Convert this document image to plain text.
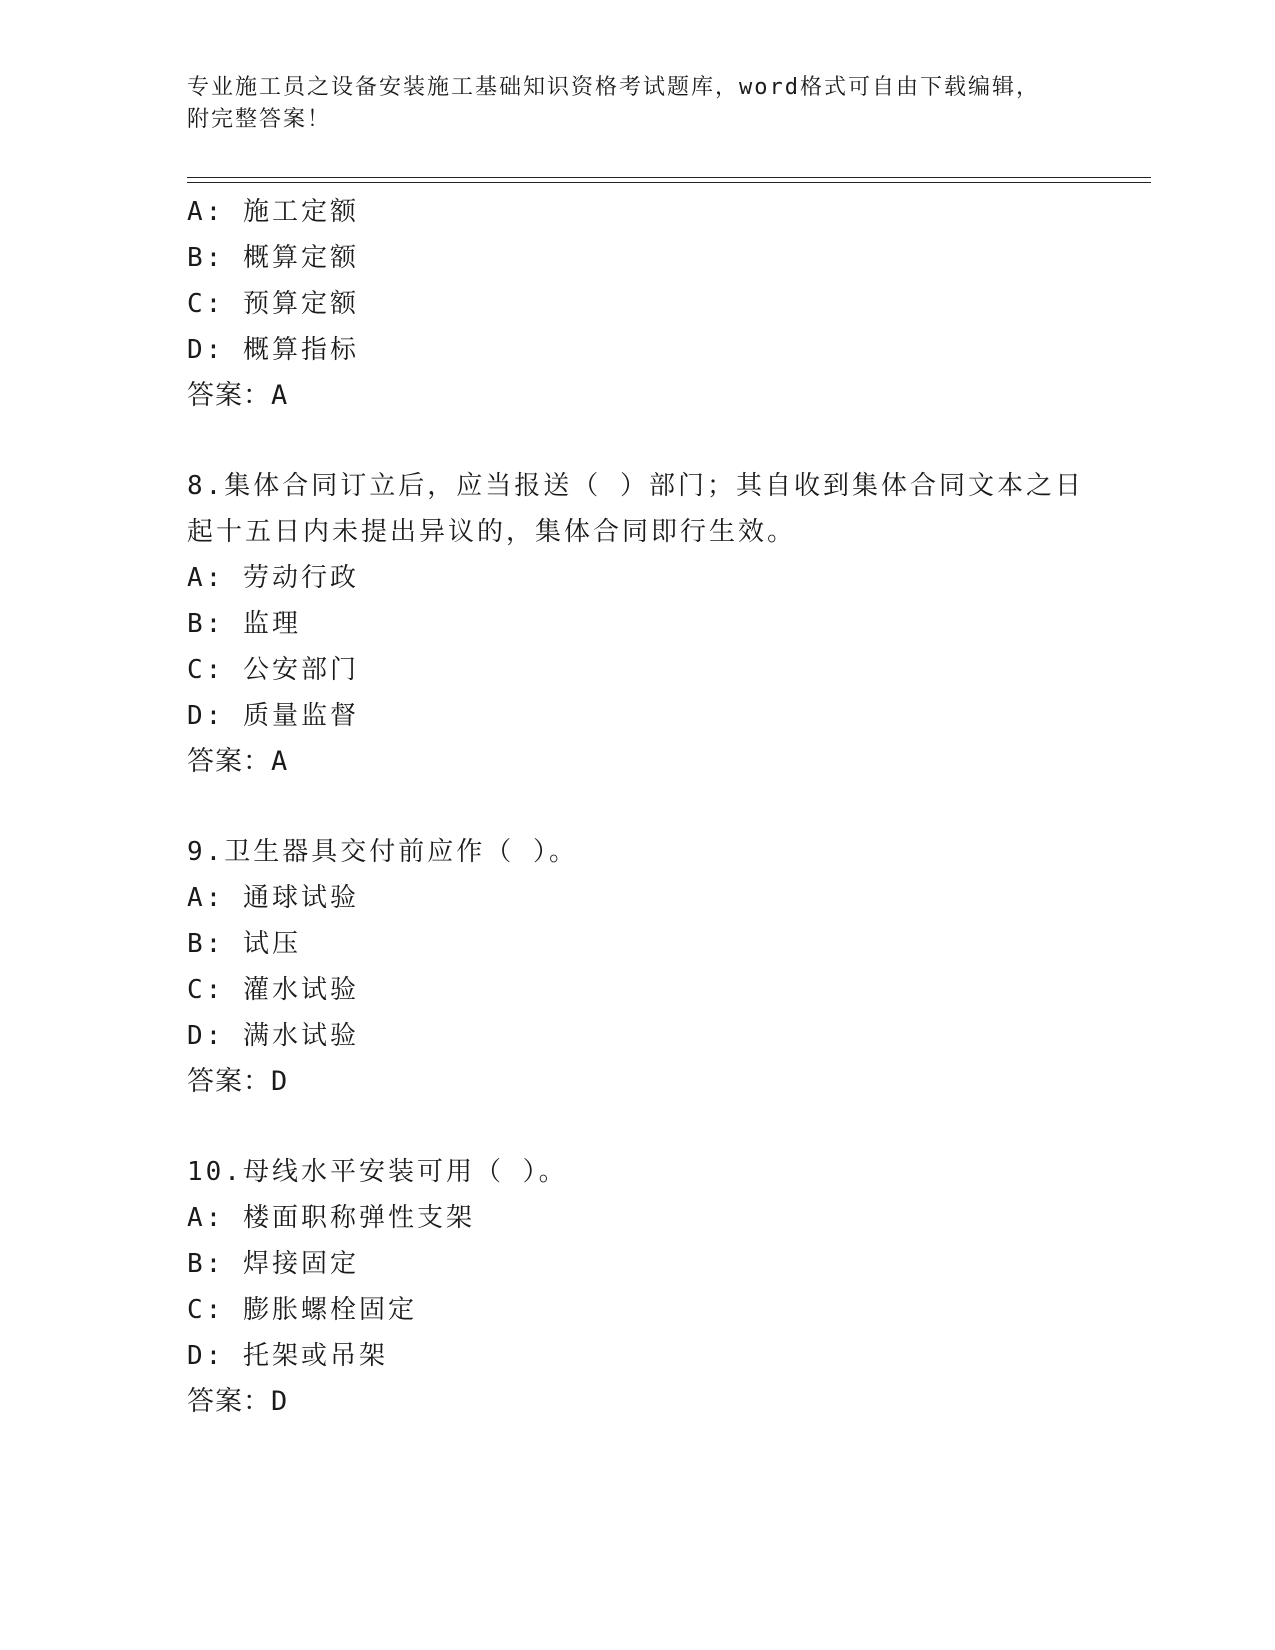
专业施工员之设备安装施工基础知识资格考试题库，word格式可自由下载编辑，
附完整答案！
A: 施工定额
B: 概算定额
C: 预算定额
D: 概算指标
答案：A
8.集体合同订立后，应当报送（ ）部门；其自收到集体合同文本之日
起十五日内未提出异议的，集体合同即行生效。
A: 劳动行政
B: 监理
C: 公安部门
D: 质量监督
答案：A
9.卫生器具交付前应作（ ）。
A: 通球试验
B: 试压
C: 灌水试验
D: 满水试验
答案：D
10.母线水平安装可用（ ）。
A: 楼面职称弹性支架
B: 焊接固定
C: 膨胀螺栓固定
D: 托架或吊架
答案：D
